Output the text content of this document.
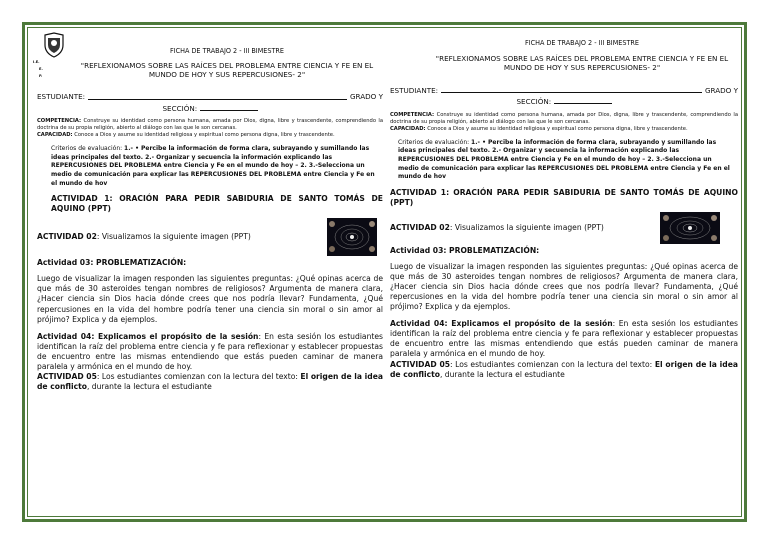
I.E.
E.
P.
FICHA DE TRABAJO 2 - III BIMESTRE
"REFLEXIONAMOS SOBRE LAS RAÍCES DEL PROBLEMA ENTRE CIENCIA Y FE EN EL MUNDO DE HOY Y SUS REPERCUSIONES- 2"
ESTUDIANTE:	GRADO Y
SECCIÓN:
COMPETENCIA: Construye su identidad como persona humana, amada por Dios, digna, libre y trascendente, comprendiendo la doctrina de su propia religión, abierto al diálogo con las que le son cercanas.
CAPACIDAD: Conoce a Dios y asume su identidad religiosa y espiritual como persona digna, libre y trascendente.
Criterios de evaluación: 1.- • Percibe la información de forma clara, subrayando y sumillando las ideas principales del texto. 2.- Organizar y secuencia la información explicando las REPERCUSIONES DEL PROBLEMA entre Ciencia y Fe en el mundo de hoy – 2. 3.-Selecciona un medio de comunicación para explicar las REPERCUSIONES DEL PROBLEMA entre Ciencia y Fe en el mundo de hov
ACTIVIDAD 1: ORACIÓN PARA PEDIR SABIDURIA DE SANTO TOMÁS DE AQUINO (PPT)
ACTIVIDAD 02: Visualizamos la siguiente imagen (PPT)
Actividad 03: PROBLEMATIZACIÓN:
Luego de visualizar la imagen responden las siguientes preguntas: ¿Qué opinas acerca de que más de 30 asteroides tengan nombres de religiosos? Argumenta de manera clara, ¿Hacer ciencia sin Dios hacia dónde crees que nos podría llevar? Fundamenta, ¿Qué repercusiones en la vida del hombre podría tener una ciencia sin moral o sin amor al prójimo? Explica y da ejemplos.
Actividad 04: Explicamos el propósito de la sesión: En esta sesión los estudiantes identifican la raíz del problema entre ciencia y fe para reflexionar y establecer propuestas de encuentro entre las mismas entendiendo que estás pueden caminar de manera paralela y armónica en el mundo de hoy.
ACTIVIDAD 05: Los estudiantes comienzan con la lectura del texto: El origen de la idea de conflicto, durante la lectura el estudiante
FICHA DE TRABAJO 2 - III BIMESTRE
"REFLEXIONAMOS SOBRE LAS RAÍCES DEL PROBLEMA ENTRE CIENCIA Y FE EN EL MUNDO DE HOY Y SUS REPERCUSIONES- 2"
ESTUDIANTE:	GRADO Y
SECCIÓN:
COMPETENCIA: Construye su identidad como persona humana, amada por Dios, digna, libre y trascendente, comprendiendo la doctrina de su propia religión, abierto al diálogo con las que le son cercanas.
CAPACIDAD: Conoce a Dios y asume su identidad religiosa y espiritual como persona digna, libre y trascendente.
Criterios de evaluación: 1.- • Percibe la información de forma clara, subrayando y sumillando las ideas principales del texto. 2.- Organizar y secuencia la información explicando las REPERCUSIONES DEL PROBLEMA entre Ciencia y Fe en el mundo de hoy – 2. 3.-Selecciona un medio de comunicación para explicar las REPERCUSIONES DEL PROBLEMA entre Ciencia y Fe en el mundo de hov
ACTIVIDAD 1: ORACIÓN PARA PEDIR SABIDURIA DE SANTO TOMÁS DE AQUINO (PPT)
ACTIVIDAD 02: Visualizamos la siguiente imagen (PPT)
Actividad 03: PROBLEMATIZACIÓN:
Luego de visualizar la imagen responden las siguientes preguntas: ¿Qué opinas acerca de que más de 30 asteroides tengan nombres de religiosos? Argumenta de manera clara, ¿Hacer ciencia sin Dios hacia dónde crees que nos podría llevar? Fundamenta, ¿Qué repercusiones en la vida del hombre podría tener una ciencia sin moral o sin amor al prójimo? Explica y da ejemplos.
Actividad 04: Explicamos el propósito de la sesión: En esta sesión los estudiantes identifican la raíz del problema entre ciencia y fe para reflexionar y establecer propuestas de encuentro entre las mismas entendiendo que estás pueden caminar de manera paralela y armónica en el mundo de hoy.
ACTIVIDAD 05: Los estudiantes comienzan con la lectura del texto: El origen de la idea de conflicto, durante la lectura el estudiante
